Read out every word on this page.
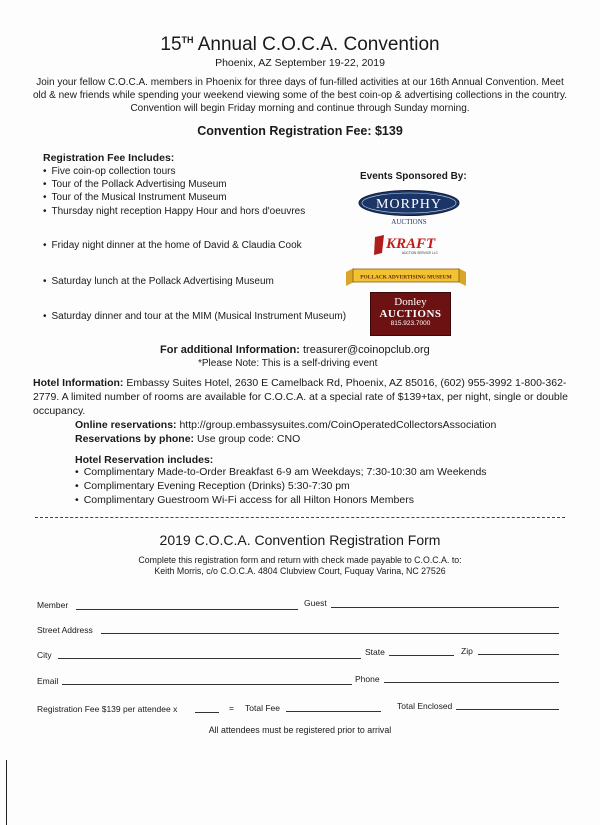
15TH Annual C.O.C.A. Convention
Phoenix, AZ September 19-22, 2019
Join your fellow C.O.C.A. members in Phoenix for three days of fun-filled activities at our 16th Annual Convention. Meet old & new friends while spending your weekend viewing some of the best coin-op & advertising collections in the country. Convention will begin Friday morning and continue through Sunday morning.
Convention Registration Fee: $139
Registration Fee Includes:
• Five coin-op collection tours
• Tour of the Pollack Advertising Museum
• Tour of the Musical Instrument Museum
• Thursday night reception Happy Hour and hors d'oeuvres
• Friday night dinner at the home of David & Claudia Cook
• Saturday lunch at the Pollack Advertising Museum
• Saturday dinner and tour at the MIM (Musical Instrument Museum)
Events Sponsored By:
MORPHY
AUCTIONS
KRAFT
AUCTION SERVICE LLC
POLLACK ADVERTISING MUSEUM
Donley
AUCTIONS
815.923.7000
For additional Information: treasurer@coinopclub.org
*Please Note: This is a self-driving event
Hotel Information: Embassy Suites Hotel, 2630 E Camelback Rd, Phoenix, AZ 85016, (602) 955-3992 1-800-362-2779. A limited number of rooms are available for C.O.C.A. at a special rate of $139+tax, per night, single or double occupancy.
Online reservations: http://group.embassysuites.com/CoinOperatedCollectorsAssociation
Reservations by phone: Use group code: CNO
Hotel Reservation includes:
• Complimentary Made-to-Order Breakfast 6-9 am Weekdays; 7:30-10:30 am Weekends
• Complimentary Evening Reception (Drinks) 5:30-7:30 pm
• Complimentary Guestroom Wi-Fi access for all Hilton Honors Members
2019 C.O.C.A. Convention Registration Form
Complete this registration form and return with check made payable to C.O.C.A. to:
Keith Morris, c/o C.O.C.A. 4804 Clubview Court, Fuquay Varina, NC 27526
Member	Guest
Street Address
City	State	Zip
Email	Phone
Registration Fee $139 per attendee x	= Total Fee	Total Enclosed
All attendees must be registered prior to arrival
